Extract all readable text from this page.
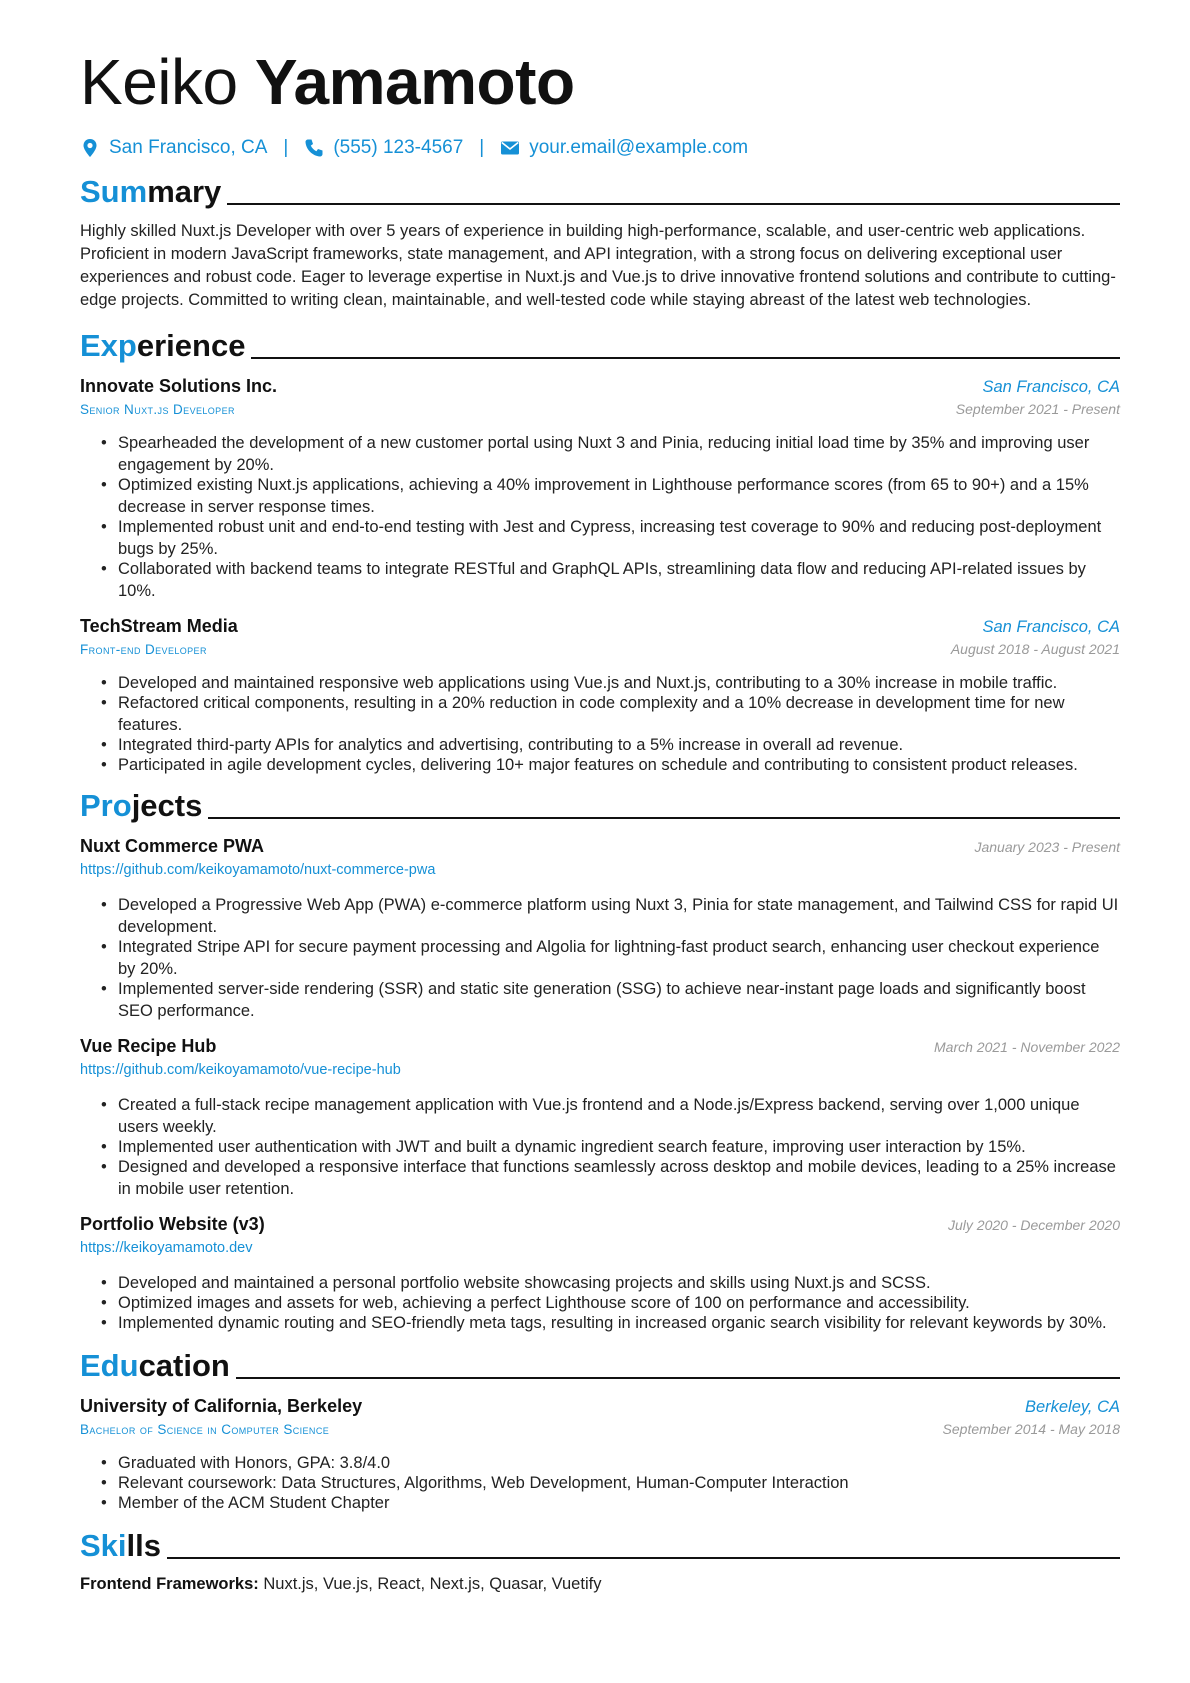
Keiko Yamamoto
San Francisco, CA | (555) 123-4567 | your.email@example.com
Summary
Highly skilled Nuxt.js Developer with over 5 years of experience in building high-performance, scalable, and user-centric web applications. Proficient in modern JavaScript frameworks, state management, and API integration, with a strong focus on delivering exceptional user experiences and robust code. Eager to leverage expertise in Nuxt.js and Vue.js to drive innovative frontend solutions and contribute to cutting-edge projects. Committed to writing clean, maintainable, and well-tested code while staying abreast of the latest web technologies.
Experience
Innovate Solutions Inc.	San Francisco, CA
Senior Nuxt.js Developer	September 2021 - Present
• Spearheaded the development of a new customer portal using Nuxt 3 and Pinia, reducing initial load time by 35% and improving user engagement by 20%.
• Optimized existing Nuxt.js applications, achieving a 40% improvement in Lighthouse performance scores (from 65 to 90+) and a 15% decrease in server response times.
• Implemented robust unit and end-to-end testing with Jest and Cypress, increasing test coverage to 90% and reducing post-deployment bugs by 25%.
• Collaborated with backend teams to integrate RESTful and GraphQL APIs, streamlining data flow and reducing API-related issues by 10%.
TechStream Media	San Francisco, CA
Front-end Developer	August 2018 - August 2021
• Developed and maintained responsive web applications using Vue.js and Nuxt.js, contributing to a 30% increase in mobile traffic.
• Refactored critical components, resulting in a 20% reduction in code complexity and a 10% decrease in development time for new features.
• Integrated third-party APIs for analytics and advertising, contributing to a 5% increase in overall ad revenue.
• Participated in agile development cycles, delivering 10+ major features on schedule and contributing to consistent product releases.
Projects
Nuxt Commerce PWA	January 2023 - Present
https://github.com/keikoyamamoto/nuxt-commerce-pwa
• Developed a Progressive Web App (PWA) e-commerce platform using Nuxt 3, Pinia for state management, and Tailwind CSS for rapid UI development.
• Integrated Stripe API for secure payment processing and Algolia for lightning-fast product search, enhancing user checkout experience by 20%.
• Implemented server-side rendering (SSR) and static site generation (SSG) to achieve near-instant page loads and significantly boost SEO performance.
Vue Recipe Hub	March 2021 - November 2022
https://github.com/keikoyamamoto/vue-recipe-hub
• Created a full-stack recipe management application with Vue.js frontend and a Node.js/Express backend, serving over 1,000 unique users weekly.
• Implemented user authentication with JWT and built a dynamic ingredient search feature, improving user interaction by 15%.
• Designed and developed a responsive interface that functions seamlessly across desktop and mobile devices, leading to a 25% increase in mobile user retention.
Portfolio Website (v3)	July 2020 - December 2020
https://keikoyamamoto.dev
• Developed and maintained a personal portfolio website showcasing projects and skills using Nuxt.js and SCSS.
• Optimized images and assets for web, achieving a perfect Lighthouse score of 100 on performance and accessibility.
• Implemented dynamic routing and SEO-friendly meta tags, resulting in increased organic search visibility for relevant keywords by 30%.
Education
University of California, Berkeley	Berkeley, CA
Bachelor of Science in Computer Science	September 2014 - May 2018
• Graduated with Honors, GPA: 3.8/4.0
• Relevant coursework: Data Structures, Algorithms, Web Development, Human-Computer Interaction
• Member of the ACM Student Chapter
Skills
Frontend Frameworks: Nuxt.js, Vue.js, React, Next.js, Quasar, Vuetify
